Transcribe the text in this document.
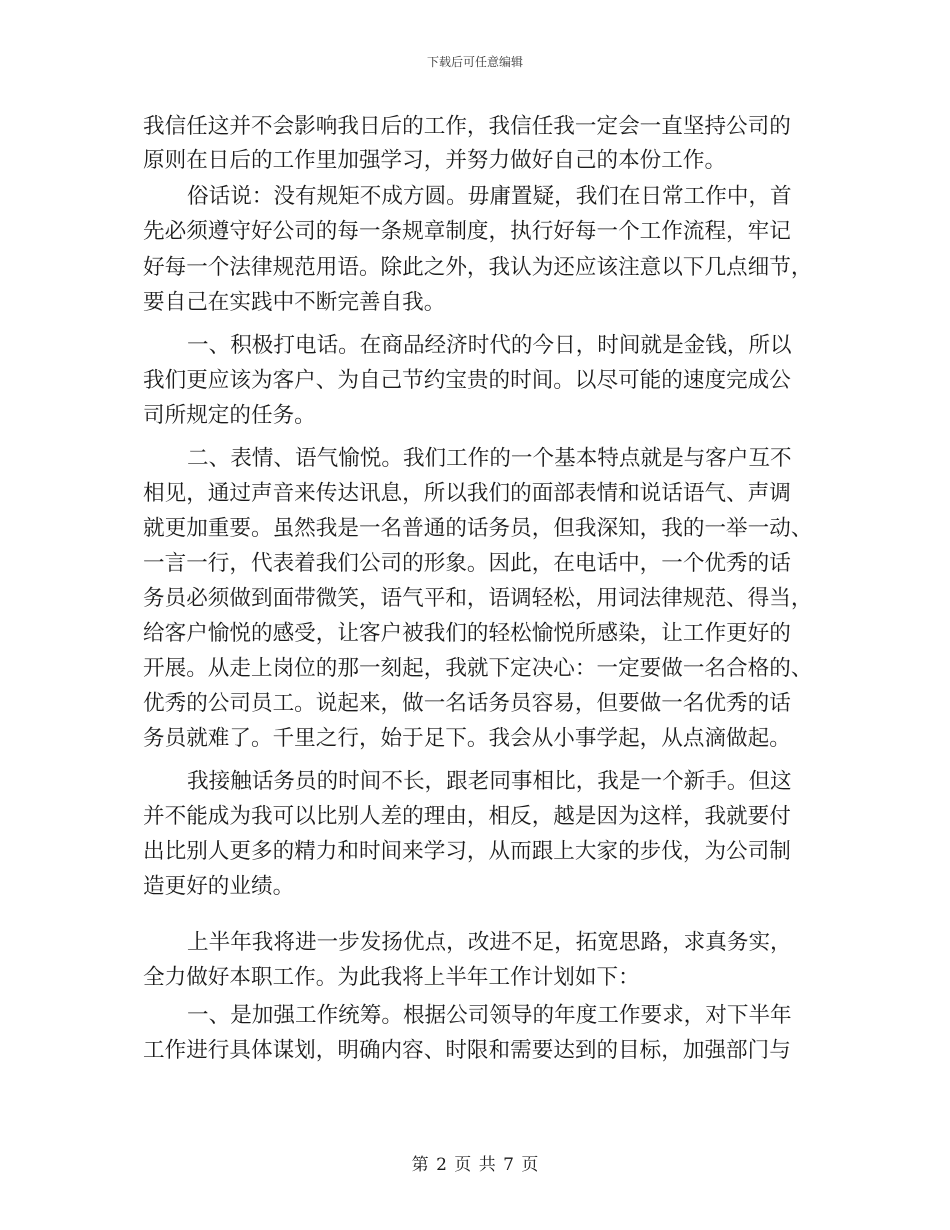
下载后可任意编辑
我信任这并不会影响我日后的工作，我信任我一定会一直坚持公司的
原则在日后的工作里加强学习，并努力做好自己的本份工作。
俗话说：没有规矩不成方圆。毋庸置疑，我们在日常工作中，首
先必须遵守好公司的每一条规章制度，执行好每一个工作流程，牢记
好每一个法律规范用语。除此之外，我认为还应该注意以下几点细节，
要自己在实践中不断完善自我。
一、积极打电话。在商品经济时代的今日，时间就是金钱，所以
我们更应该为客户、为自己节约宝贵的时间。以尽可能的速度完成公
司所规定的任务。
二、表情、语气愉悦。我们工作的一个基本特点就是与客户互不
相见，通过声音来传达讯息，所以我们的面部表情和说话语气、声调
就更加重要。虽然我是一名普通的话务员，但我深知，我的一举一动、
一言一行，代表着我们公司的形象。因此，在电话中，一个优秀的话
务员必须做到面带微笑，语气平和，语调轻松，用词法律规范、得当，
给客户愉悦的感受，让客户被我们的轻松愉悦所感染，让工作更好的
开展。从走上岗位的那一刻起，我就下定决心：一定要做一名合格的、
优秀的公司员工。说起来，做一名话务员容易，但要做一名优秀的话
务员就难了。千里之行，始于足下。我会从小事学起，从点滴做起。
我接触话务员的时间不长，跟老同事相比，我是一个新手。但这
并不能成为我可以比别人差的理由，相反，越是因为这样，我就要付
出比别人更多的精力和时间来学习，从而跟上大家的步伐，为公司制
造更好的业绩。
上半年我将进一步发扬优点，改进不足，拓宽思路，求真务实，
全力做好本职工作。为此我将上半年工作计划如下：
一、是加强工作统筹。根据公司领导的年度工作要求，对下半年
工作进行具体谋划，明确内容、时限和需要达到的目标，加强部门与
第 2 页 共 7 页
